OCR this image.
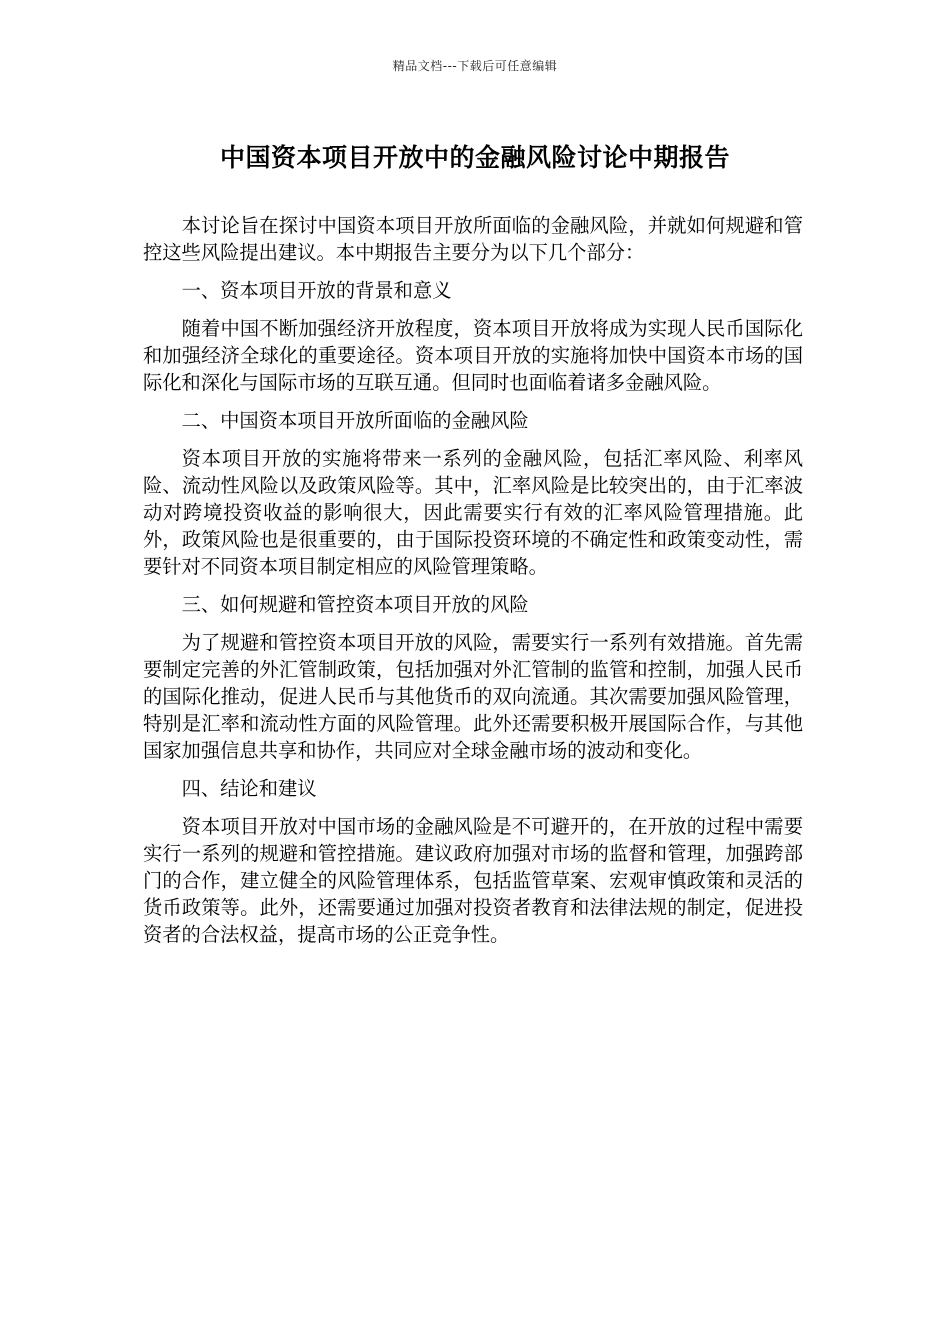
精品文档---下载后可任意编辑
中国资本项目开放中的金融风险讨论中期报告

本讨论旨在探讨中国资本项目开放所面临的金融风险，并就如何规避和管控这些风险提出建议。本中期报告主要分为以下几个部分：

一、资本项目开放的背景和意义

随着中国不断加强经济开放程度，资本项目开放将成为实现人民币国际化和加强经济全球化的重要途径。资本项目开放的实施将加快中国资本市场的国际化和深化与国际市场的互联互通。但同时也面临着诸多金融风险。

二、中国资本项目开放所面临的金融风险

资本项目开放的实施将带来一系列的金融风险，包括汇率风险、利率风险、流动性风险以及政策风险等。其中，汇率风险是比较突出的，由于汇率波动对跨境投资收益的影响很大，因此需要实行有效的汇率风险管理措施。此外，政策风险也是很重要的，由于国际投资环境的不确定性和政策变动性，需要针对不同资本项目制定相应的风险管理策略。

三、如何规避和管控资本项目开放的风险

为了规避和管控资本项目开放的风险，需要实行一系列有效措施。首先需要制定完善的外汇管制政策，包括加强对外汇管制的监管和控制，加强人民币的国际化推动，促进人民币与其他货币的双向流通。其次需要加强风险管理，特别是汇率和流动性方面的风险管理。此外还需要积极开展国际合作，与其他国家加强信息共享和协作，共同应对全球金融市场的波动和变化。

四、结论和建议

资本项目开放对中国市场的金融风险是不可避开的，在开放的过程中需要实行一系列的规避和管控措施。建议政府加强对市场的监督和管理，加强跨部门的合作，建立健全的风险管理体系，包括监管草案、宏观审慎政策和灵活的货币政策等。此外，还需要通过加强对投资者教育和法律法规的制定，促进投资者的合法权益，提高市场的公正竞争性。
